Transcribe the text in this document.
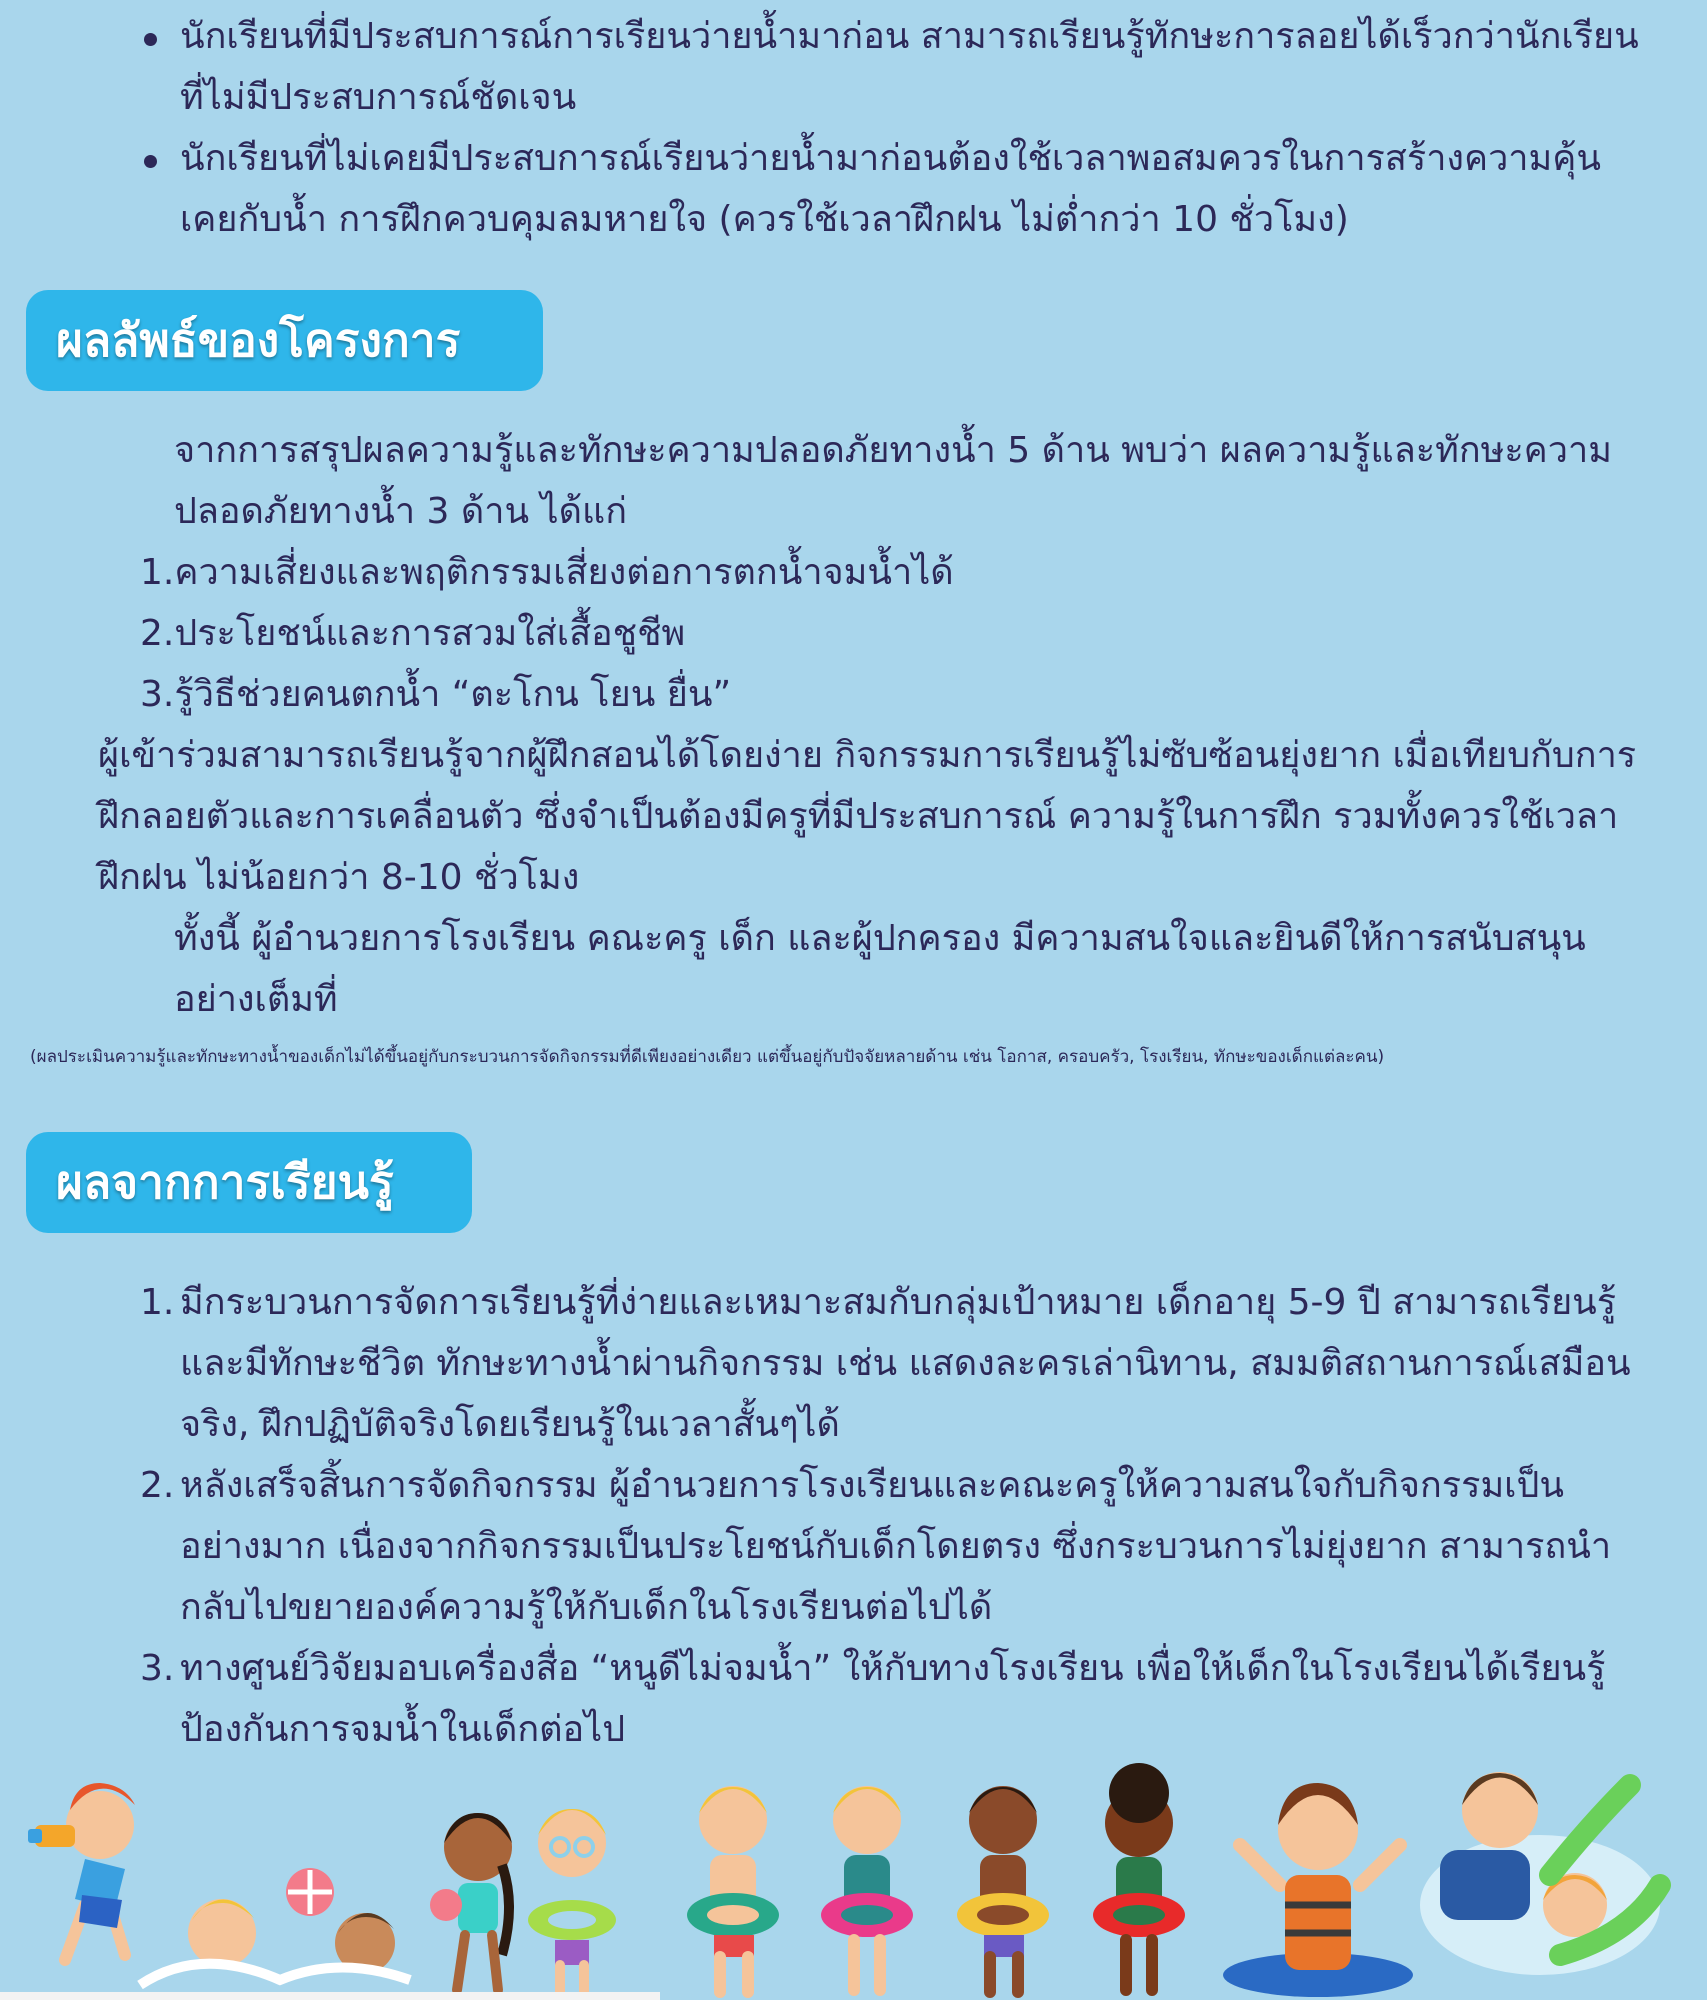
นักเรียนที่มีประสบการณ์การเรียนว่ายน้ำมาก่อน สามารถเรียนรู้ทักษะการลอยได้เร็วกว่านักเรียนที่ไม่มีประสบการณ์ชัดเจน
นักเรียนที่ไม่เคยมีประสบการณ์เรียนว่ายน้ำมาก่อนต้องใช้เวลาพอสมควรในการสร้างความคุ้นเคยกับน้ำ การฝึกควบคุมลมหายใจ (ควรใช้เวลาฝึกฝน ไม่ต่ำกว่า 10 ชั่วโมง)
ผลลัพธ์ของโครงการ
จากการสรุปผลความรู้และทักษะความปลอดภัยทางน้ำ 5 ด้าน พบว่า ผลความรู้และทักษะความปลอดภัยทางน้ำ 3 ด้าน ได้แก่
1.ความเสี่ยงและพฤติกรรมเสี่ยงต่อการตกน้ำจมน้ำได้
2.ประโยชน์และการสวมใส่เสื้อชูชีพ
3.รู้วิธีช่วยคนตกน้ำ “ตะโกน โยน ยื่น”
ผู้เข้าร่วมสามารถเรียนรู้จากผู้ฝึกสอนได้โดยง่าย กิจกรรมการเรียนรู้ไม่ซับซ้อนยุ่งยาก เมื่อเทียบกับการฝึกลอยตัวและการเคลื่อนตัว ซึ่งจำเป็นต้องมีครูที่มีประสบการณ์ ความรู้ในการฝึก รวมทั้งควรใช้เวลาฝึกฝน ไม่น้อยกว่า 8-10 ชั่วโมง
ทั้งนี้ ผู้อำนวยการโรงเรียน คณะครู เด็ก และผู้ปกครอง มีความสนใจและยินดีให้การสนับสนุนอย่างเต็มที่
(ผลประเมินความรู้และทักษะทางน้ำของเด็กไม่ได้ขึ้นอยู่กับกระบวนการจัดกิจกรรมที่ดีเพียงอย่างเดียว แต่ขึ้นอยู่กับปัจจัยหลายด้าน เช่น โอกาส, ครอบครัว, โรงเรียน, ทักษะของเด็กแต่ละคน)
ผลจากการเรียนรู้
1. มีกระบวนการจัดการเรียนรู้ที่ง่ายและเหมาะสมกับกลุ่มเป้าหมาย เด็กอายุ 5-9 ปี สามารถเรียนรู้และมีทักษะชีวิต ทักษะทางน้ำผ่านกิจกรรม เช่น แสดงละครเล่านิทาน, สมมติสถานการณ์เสมือนจริง, ฝึกปฏิบัติจริงโดยเรียนรู้ในเวลาสั้นๆได้
2. หลังเสร็จสิ้นการจัดกิจกรรม ผู้อำนวยการโรงเรียนและคณะครูให้ความสนใจกับกิจกรรมเป็นอย่างมาก เนื่องจากกิจกรรมเป็นประโยชน์กับเด็กโดยตรง ซึ่งกระบวนการไม่ยุ่งยาก สามารถนำกลับไปขยายองค์ความรู้ให้กับเด็กในโรงเรียนต่อไปได้
3. ทางศูนย์วิจัยมอบเครื่องสื่อ “หนูดีไม่จมน้ำ” ให้กับทางโรงเรียน เพื่อให้เด็กในโรงเรียนได้เรียนรู้ป้องกันการจมน้ำในเด็กต่อไป
